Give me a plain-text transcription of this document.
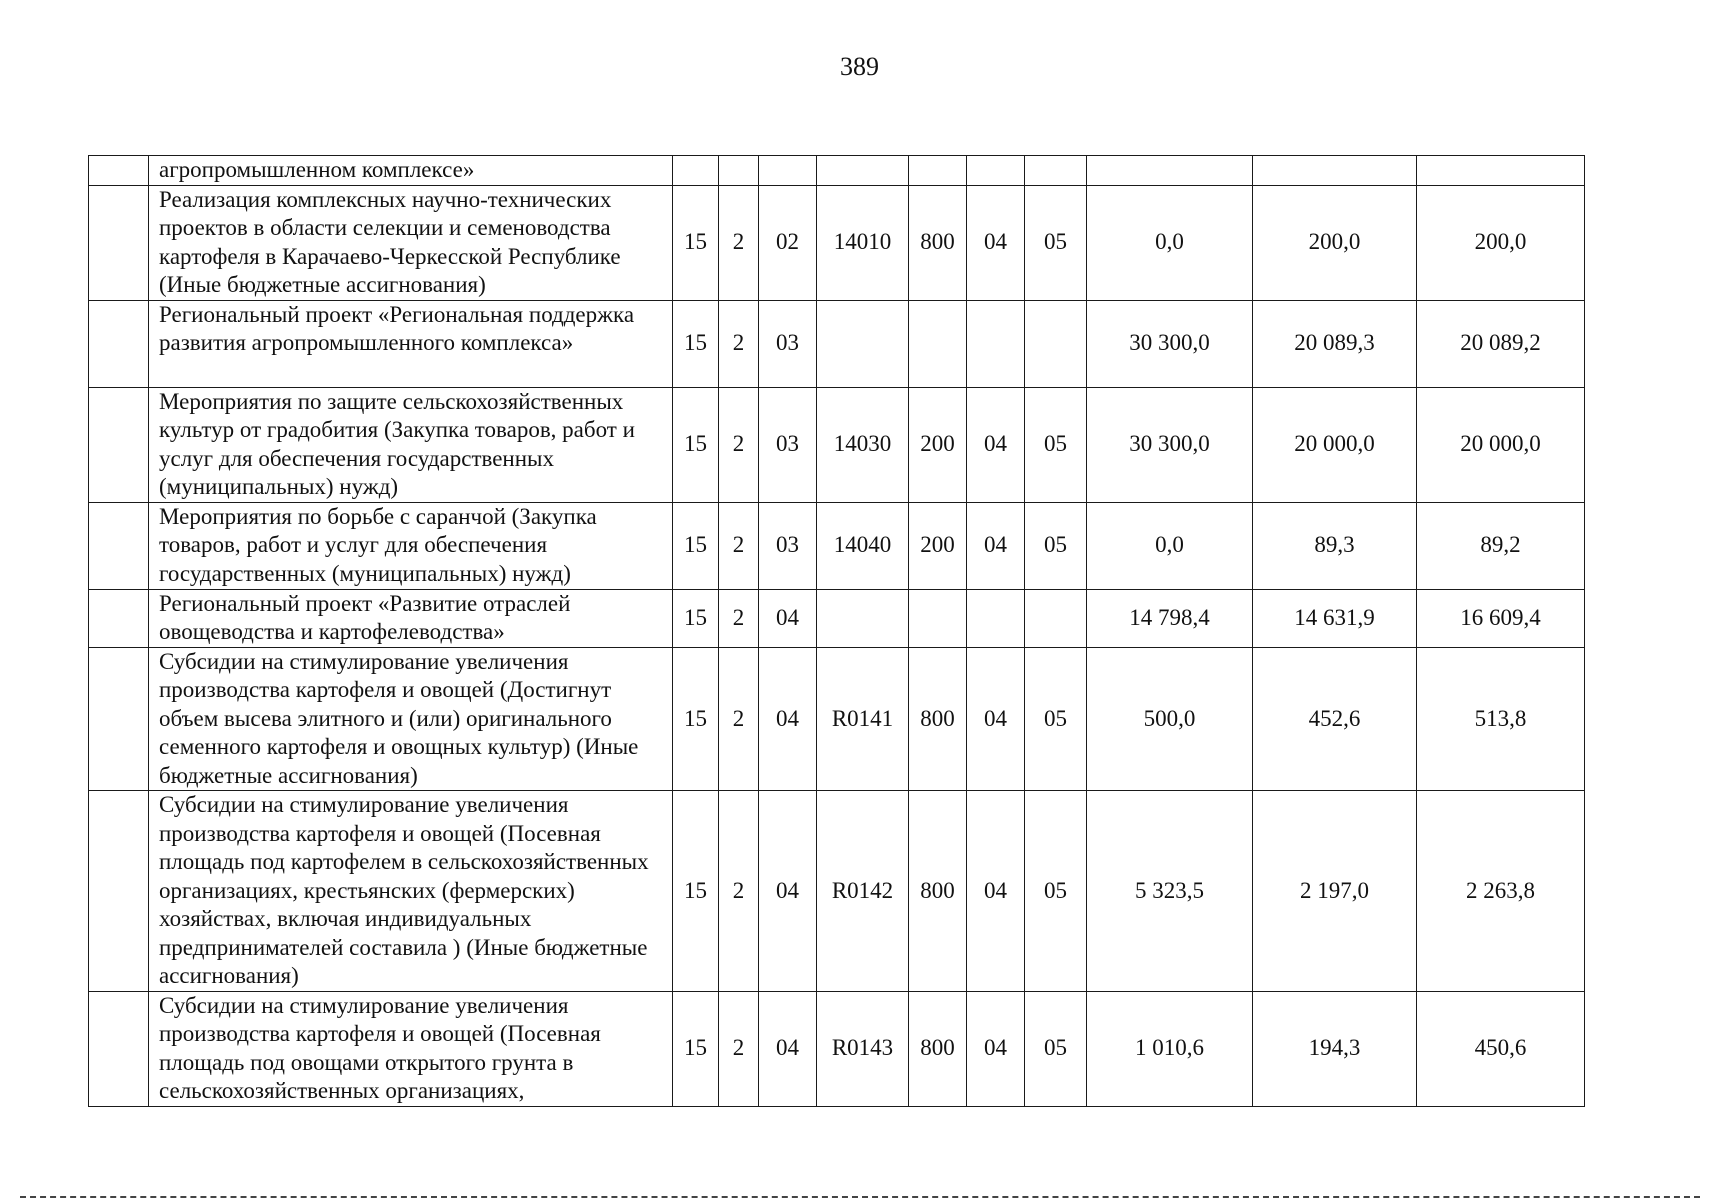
389
	агропромышленном комплексе»										
	Реализация комплексных научно-технических проектов в области селекции и семеноводства картофеля в Карачаево-Черкесской Республике (Иные бюджетные ассигнования)	15	2	02	14010	800	04	05	0,0	200,0	200,0
	Региональный проект «Региональная поддержка развития агропромышленного комплекса»	15	2	03					30 300,0	20 089,3	20 089,2
	Мероприятия по защите сельскохозяйственных культур от градобития (Закупка товаров, работ и услуг для обеспечения государственных (муниципальных) нужд)	15	2	03	14030	200	04	05	30 300,0	20 000,0	20 000,0
	Мероприятия по борьбе с саранчой (Закупка товаров, работ и услуг для обеспечения государственных (муниципальных) нужд)	15	2	03	14040	200	04	05	0,0	89,3	89,2
	Региональный проект «Развитие отраслей овощеводства и картофелеводства»	15	2	04					14 798,4	14 631,9	16 609,4
	Субсидии на стимулирование увеличения производства картофеля и овощей (Достигнут объем высева элитного и (или) оригинального семенного картофеля и овощных культур) (Иные бюджетные ассигнования)	15	2	04	R0141	800	04	05	500,0	452,6	513,8
	Субсидии на стимулирование увеличения производства картофеля и овощей (Посевная площадь под картофелем в сельскохозяйственных организациях, крестьянских (фермерских) хозяйствах, включая индивидуальных предпринимателей составила ) (Иные бюджетные ассигнования)	15	2	04	R0142	800	04	05	5 323,5	2 197,0	2 263,8
	Субсидии на стимулирование увеличения производства картофеля и овощей (Посевная площадь под овощами открытого грунта в сельскохозяйственных организациях,	15	2	04	R0143	800	04	05	1 010,6	194,3	450,6
